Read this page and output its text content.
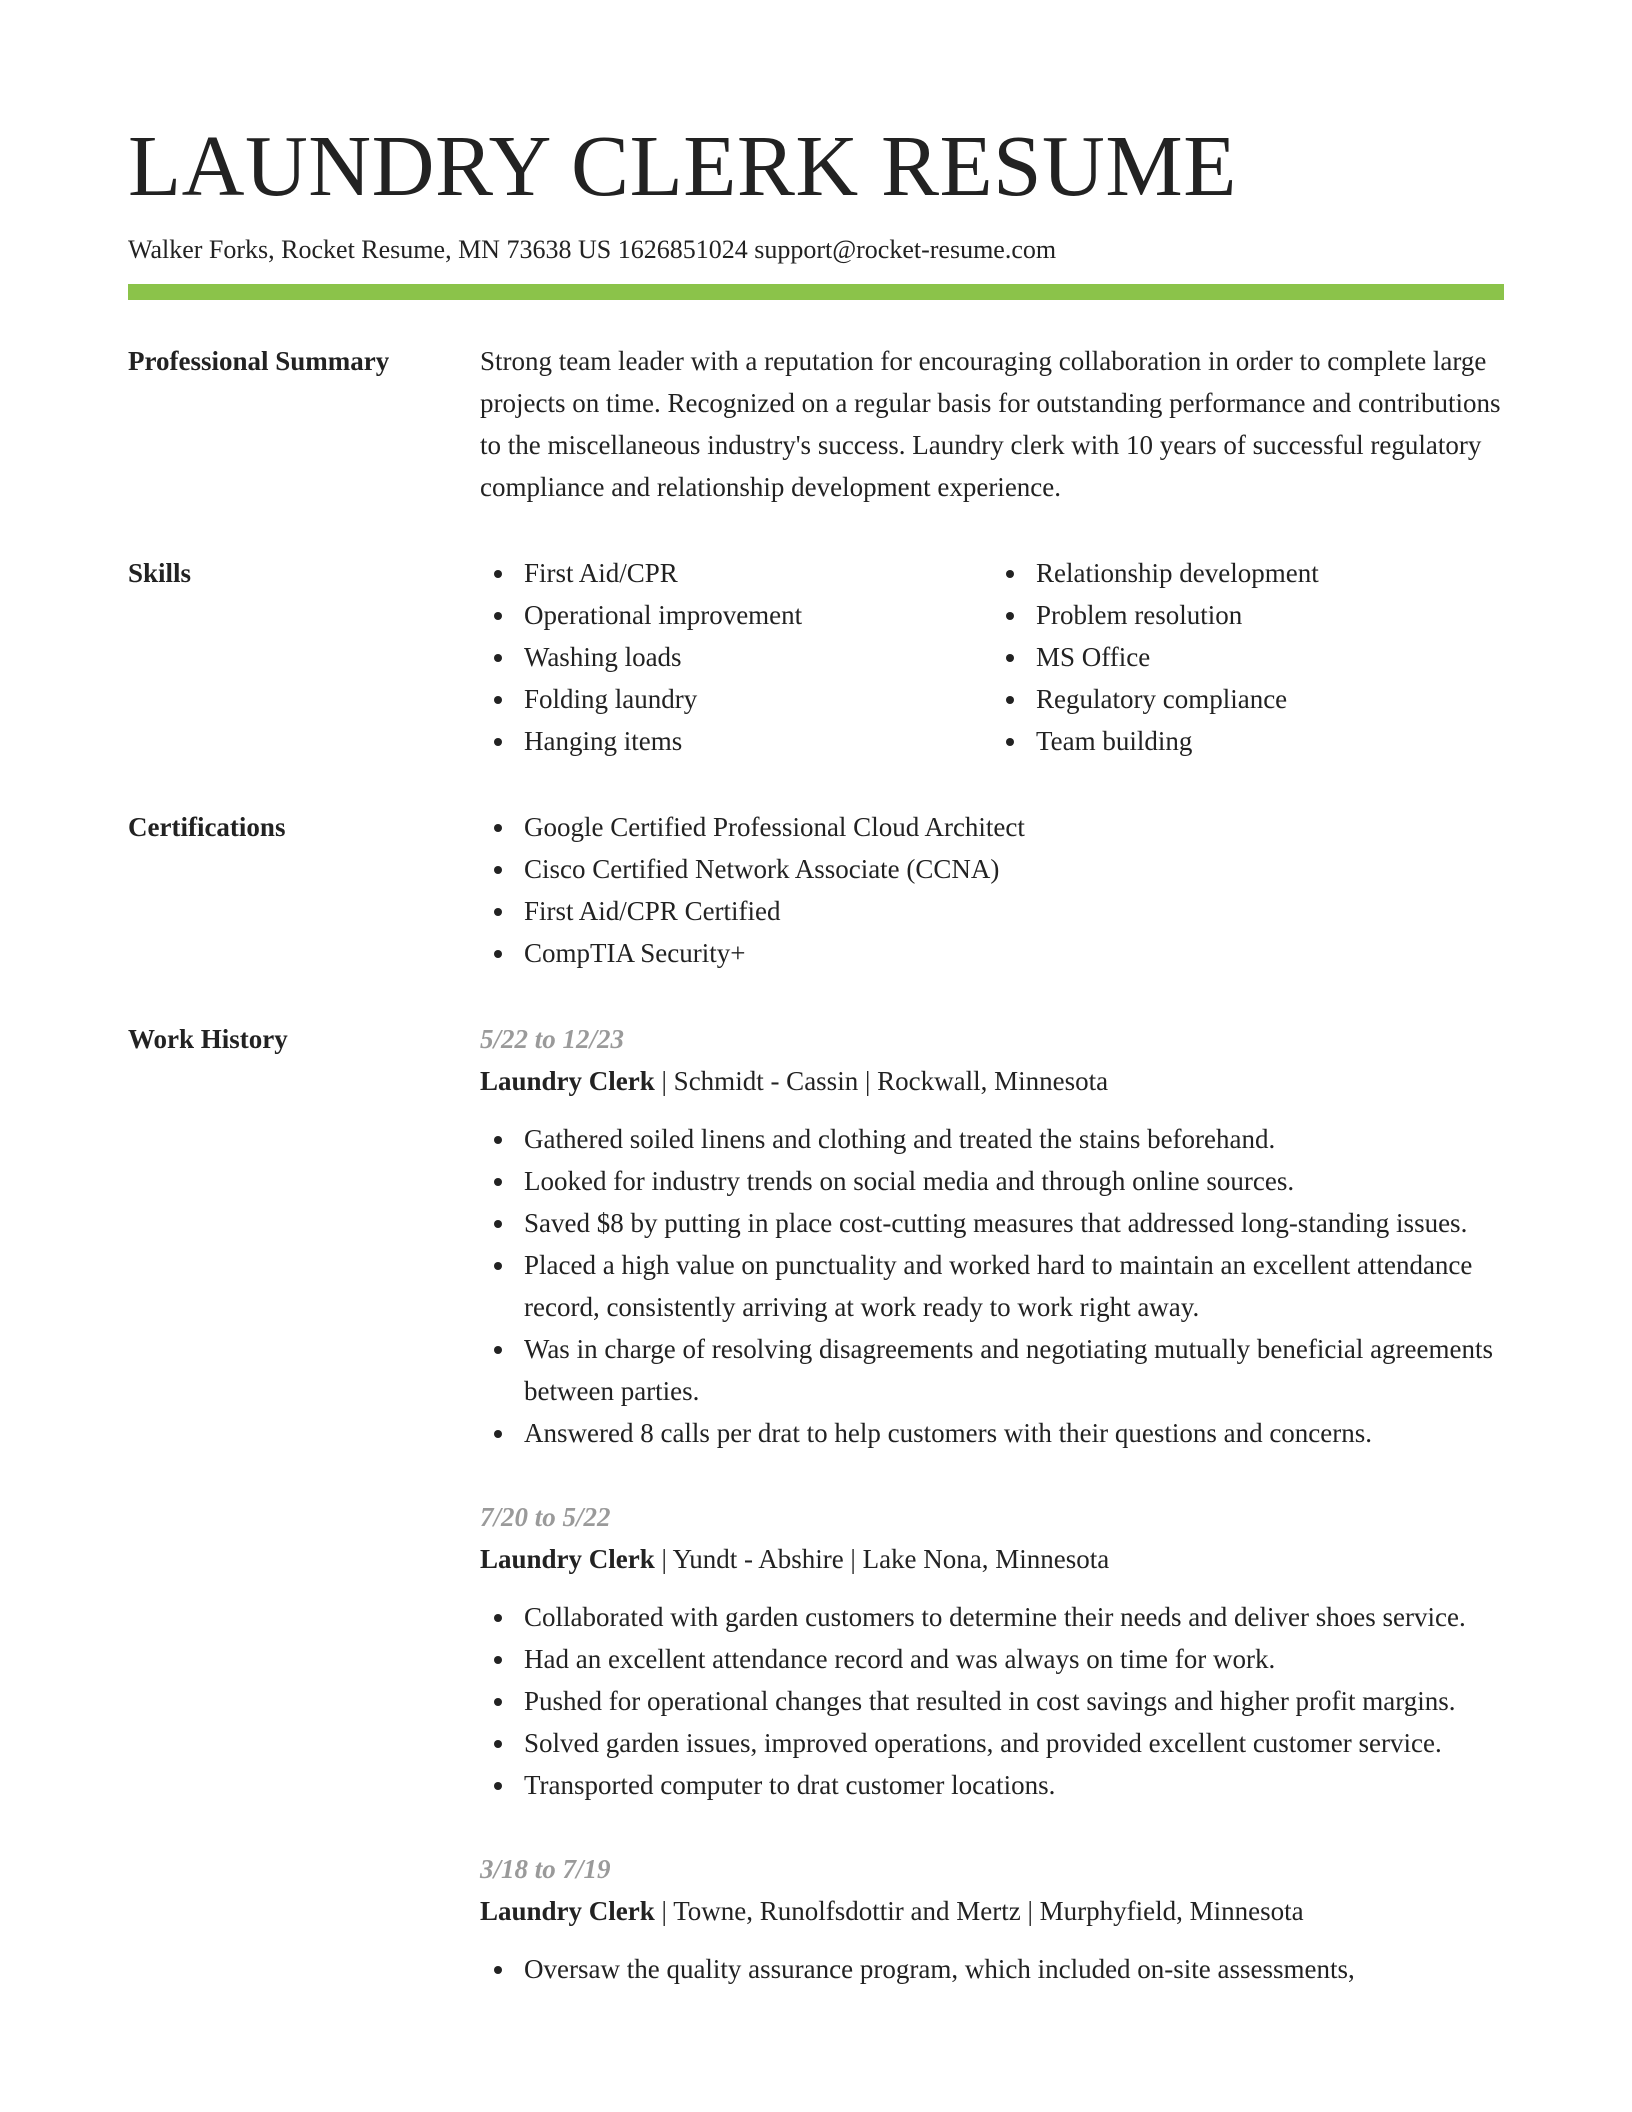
LAUNDRY CLERK RESUME
Walker Forks, Rocket Resume, MN 73638 US 1626851024 support@rocket-resume.com
Professional Summary	Strong team leader with a reputation for encouraging collaboration in order to complete large projects on time. Recognized on a regular basis for outstanding performance and contributions to the miscellaneous industry's success. Laundry clerk with 10 years of successful regulatory compliance and relationship development experience.

Skills	First Aid/CPR
Operational improvement
Washing loads
Folding laundry
Hanging items
Relationship development
Problem resolution
MS Office
Regulatory compliance
Team building
Certifications	Google Certified Professional Cloud Architect
Cisco Certified Network Associate (CCNA)
First Aid/CPR Certified
CompTIA Security+
Work History	5/22 to 12/23
Laundry Clerk | Schmidt - Cassin | Rockwall, Minnesota
Gathered soiled linens and clothing and treated the stains beforehand.
Looked for industry trends on social media and through online sources.
Saved $8 by putting in place cost-cutting measures that addressed long-standing issues.
Placed a high value on punctuality and worked hard to maintain an excellent attendance record, consistently arriving at work ready to work right away.
Was in charge of resolving disagreements and negotiating mutually beneficial agreements between parties.
Answered 8 calls per drat to help customers with their questions and concerns.
7/20 to 5/22
Laundry Clerk | Yundt - Abshire | Lake Nona, Minnesota
Collaborated with garden customers to determine their needs and deliver shoes service.
Had an excellent attendance record and was always on time for work.
Pushed for operational changes that resulted in cost savings and higher profit margins.
Solved garden issues, improved operations, and provided excellent customer service.
Transported computer to drat customer locations.
3/18 to 7/19
Laundry Clerk | Towne, Runolfsdottir and Mertz | Murphyfield, Minnesota
Oversaw the quality assurance program, which included on-site assessments,
